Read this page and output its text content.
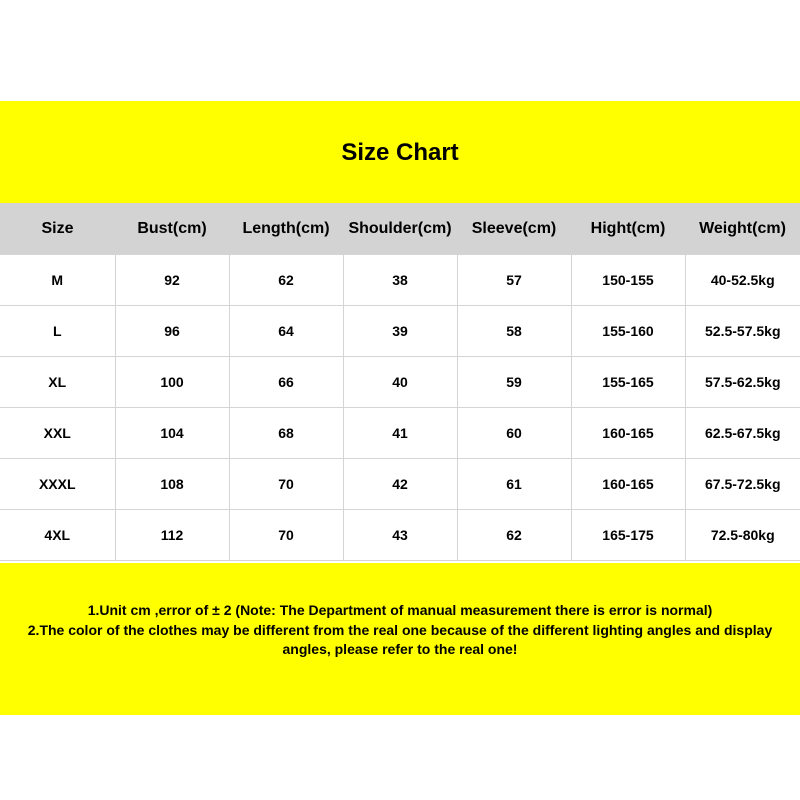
Size Chart
Size	Bust(cm)	Length(cm)	Shoulder(cm)	Sleeve(cm)	Hight(cm)	Weight(cm)
M	92	62	38	57	150-155	40-52.5kg
L	96	64	39	58	155-160	52.5-57.5kg
XL	100	66	40	59	155-165	57.5-62.5kg
XXL	104	68	41	60	160-165	62.5-67.5kg
XXXL	108	70	42	61	160-165	67.5-72.5kg
4XL	112	70	43	62	165-175	72.5-80kg

1.Unit cm ,error of ± 2 (Note: The Department of manual measurement there is error is normal)

2.The color of the clothes may be different from the real one because of the different lighting angles and display angles, please refer to the real one!
